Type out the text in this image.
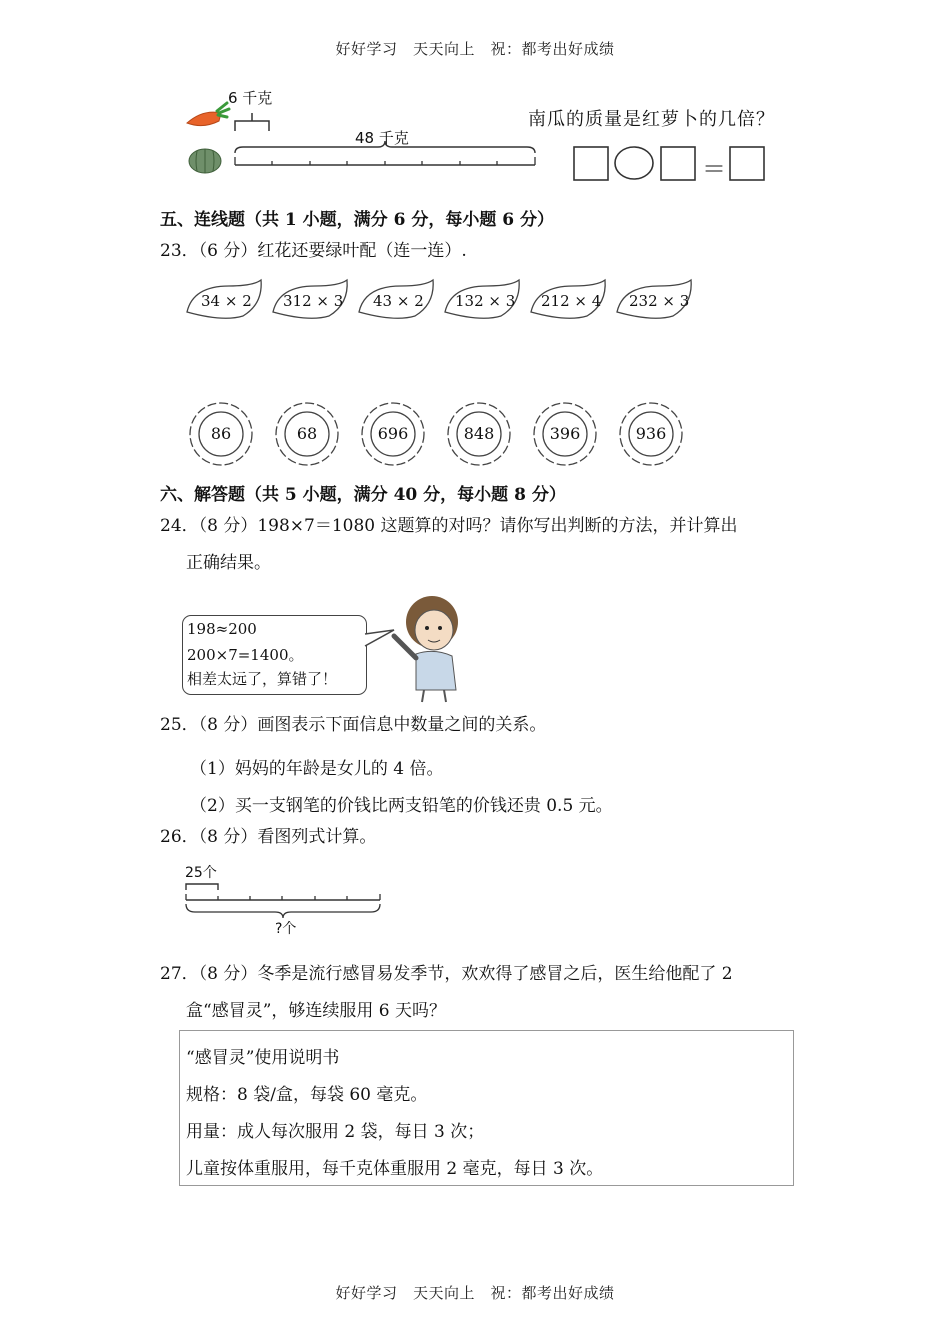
好好学习　天天向上　祝：都考出好成绩
6 千克
48 千克
南瓜的质量是红萝卜的几倍？
＝
五、连线题（共 1 小题，满分 6 分，每小题 6 分）
23．（6 分）红花还要绿叶配（连一连）.
34 × 2 312 × 3 43 × 2 132 × 3 212 × 4 232 × 3
86	68	696	848	396	936
六、解答题（共 5 小题，满分 40 分，每小题 8 分）
24．（8 分）198×7＝1080 这题算的对吗？请你写出判断的方法，并计算出
正确结果。
198≈200
200×7=1400。
相差太远了，算错了！
25．（8 分）画图表示下面信息中数量之间的关系。
（1）妈妈的年龄是女儿的 4 倍。
（2）买一支钢笔的价钱比两支铅笔的价钱还贵 0.5 元。
26．（8 分）看图列式计算。
25个
?个
27．（8 分）冬季是流行感冒易发季节，欢欢得了感冒之后，医生给他配了 2
盒“感冒灵”，够连续服用 6 天吗？
“感冒灵”使用说明书
规格：8 袋/盒，每袋 60 毫克。
用量：成人每次服用 2 袋，每日 3 次；
儿童按体重服用，每千克体重服用 2 毫克，每日 3 次。
好好学习　天天向上　祝：都考出好成绩
